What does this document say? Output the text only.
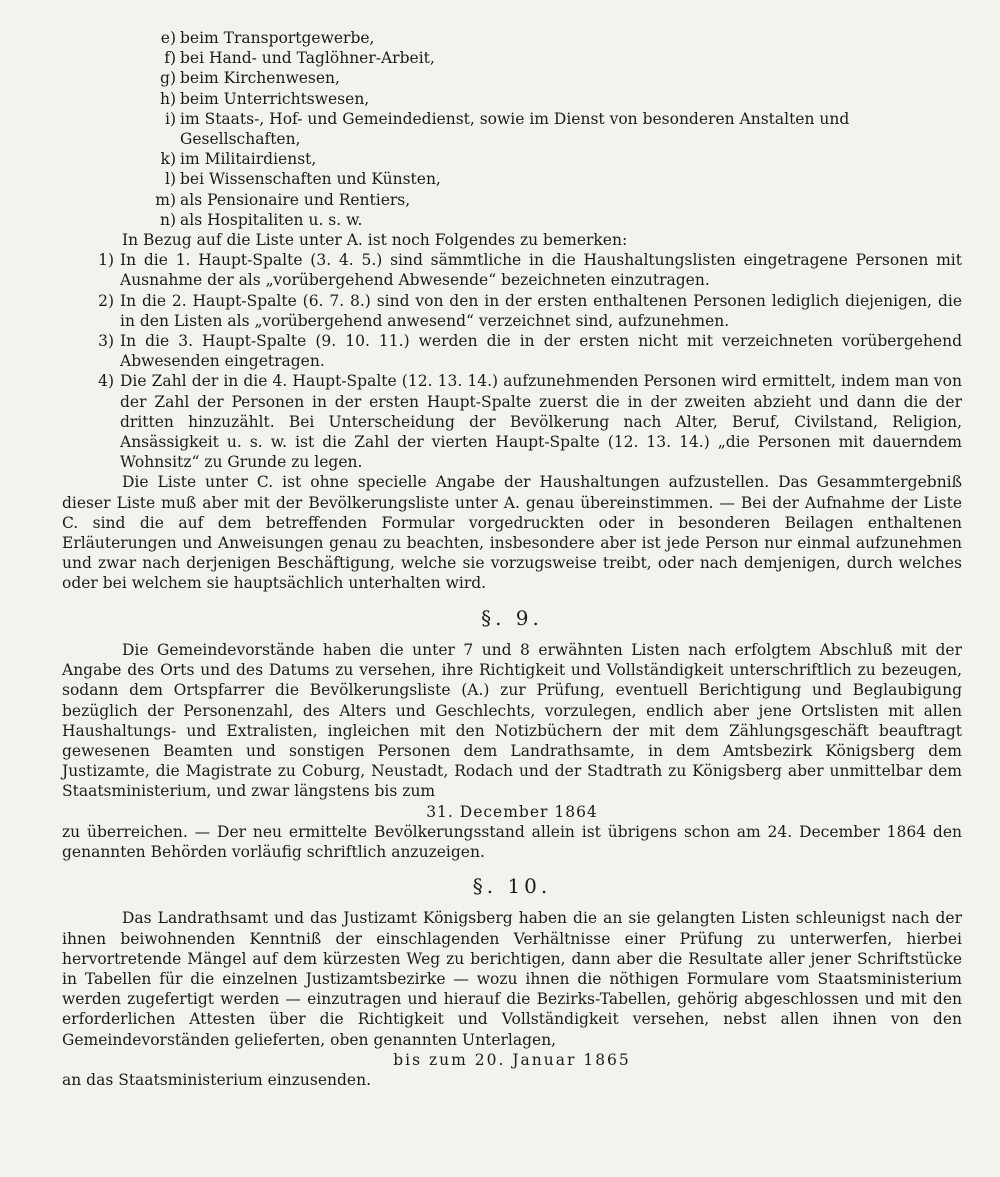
e) beim Transportgewerbe,
f) bei Hand- und Taglöhner-Arbeit,
g) beim Kirchenwesen,
h) beim Unterrichtswesen,
i) im Staats-, Hof- und Gemeindedienst, sowie im Dienst von besonderen Anstalten und
Gesellschaften,
k) im Militairdienst,
l) bei Wissenschaften und Künsten,
m) als Pensionaire und Rentiers,
n) als Hospitaliten u. s. w.

In Bezug auf die Liste unter A. ist noch Folgendes zu bemerken:

1) In die 1. Haupt-Spalte (3. 4. 5.) sind sämmtliche in die Haushaltungslisten eingetragene Personen mit Ausnahme der als „vorübergehend Abwesende“ bezeichneten einzutragen.
2) In die 2. Haupt-Spalte (6. 7. 8.) sind von den in der ersten enthaltenen Personen lediglich diejenigen, die in den Listen als „vorübergehend anwesend“ verzeichnet sind, aufzunehmen.
3) In die 3. Haupt-Spalte (9. 10. 11.) werden die in der ersten nicht mit verzeichneten vorübergehend Abwesenden eingetragen.
4) Die Zahl der in die 4. Haupt-Spalte (12. 13. 14.) aufzunehmenden Personen wird ermittelt, indem man von der Zahl der Personen in der ersten Haupt-Spalte zuerst die in der zweiten abzieht und dann die der dritten hinzuzählt. Bei Unterscheidung der Bevölkerung nach Alter, Beruf, Civilstand, Religion, Ansässigkeit u. s. w. ist die Zahl der vierten Haupt-Spalte (12. 13. 14.) „die Personen mit dauerndem Wohnsitz“ zu Grunde zu legen.

Die Liste unter C. ist ohne specielle Angabe der Haushaltungen aufzustellen. Das Gesammtergebniß dieser Liste muß aber mit der Bevölkerungsliste unter A. genau übereinstimmen. — Bei der Aufnahme der Liste C. sind die auf dem betreffenden Formular vorgedruckten oder in besonderen Beilagen enthaltenen Erläuterungen und Anweisungen genau zu beachten, insbesondere aber ist jede Person nur einmal aufzunehmen und zwar nach derjenigen Beschäftigung, welche sie vorzugsweise treibt, oder nach demjenigen, durch welches oder bei welchem sie hauptsächlich unterhalten wird.

§. 9.

Die Gemeindevorstände haben die unter 7 und 8 erwähnten Listen nach erfolgtem Abschluß mit der Angabe des Orts und des Datums zu versehen, ihre Richtigkeit und Vollständigkeit unterschriftlich zu bezeugen, sodann dem Ortspfarrer die Bevölkerungsliste (A.) zur Prüfung, eventuell Berichtigung und Beglaubigung bezüglich der Personenzahl, des Alters und Geschlechts, vorzulegen, endlich aber jene Ortslisten mit allen Haushaltungs- und Extralisten, ingleichen mit den Notizbüchern der mit dem Zählungsgeschäft beauftragt gewesenen Beamten und sonstigen Personen dem Landrathsamte, in dem Amtsbezirk Königsberg dem Justizamte, die Magistrate zu Coburg, Neustadt, Rodach und der Stadtrath zu Königsberg aber unmittelbar dem Staatsministerium, und zwar längstens bis zum

31. December 1864

zu überreichen. — Der neu ermittelte Bevölkerungsstand allein ist übrigens schon am 24. December 1864 den genannten Behörden vorläufig schriftlich anzuzeigen.

§. 10.

Das Landrathsamt und das Justizamt Königsberg haben die an sie gelangten Listen schleunigst nach der ihnen beiwohnenden Kenntniß der einschlagenden Verhältnisse einer Prüfung zu unterwerfen, hierbei hervortretende Mängel auf dem kürzesten Weg zu berichtigen, dann aber die Resultate aller jener Schriftstücke in Tabellen für die einzelnen Justizamtsbezirke — wozu ihnen die nöthigen Formulare vom Staatsministerium werden zugefertigt werden — einzutragen und hierauf die Bezirks-Tabellen, gehörig abgeschlossen und mit den erforderlichen Attesten über die Richtigkeit und Vollständigkeit versehen, nebst allen ihnen von den Gemeindevorständen gelieferten, oben genannten Unterlagen,

bis zum 20. Januar 1865

an das Staatsministerium einzusenden.
